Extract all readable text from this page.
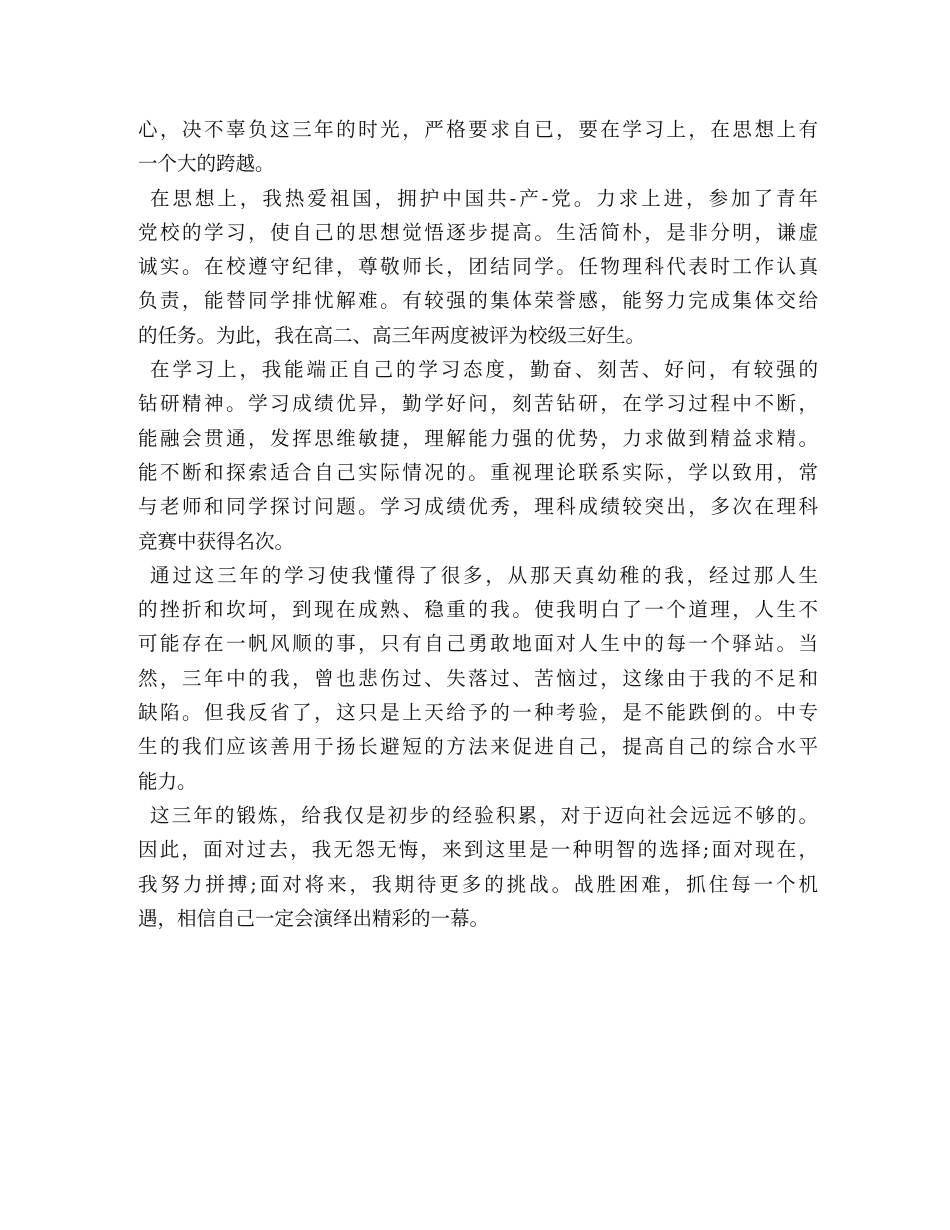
心，决不辜负这三年的时光，严格要求自已，要在学习上，在思想上有
一个大的跨越。
在思想上，我热爱祖国，拥护中国共-产-党。力求上进，参加了青年
党校的学习，使自己的思想觉悟逐步提高。生活简朴，是非分明，谦虚
诚实。在校遵守纪律，尊敬师长，团结同学。任物理科代表时工作认真
负责，能替同学排忧解难。有较强的集体荣誉感，能努力完成集体交给
的任务。为此，我在高二、高三年两度被评为校级三好生。
在学习上，我能端正自己的学习态度，勤奋、刻苦、好问，有较强的
钻研精神。学习成绩优异，勤学好问，刻苦钻研，在学习过程中不断，
能融会贯通，发挥思维敏捷，理解能力强的优势，力求做到精益求精。
能不断和探索适合自己实际情况的。重视理论联系实际，学以致用，常
与老师和同学探讨问题。学习成绩优秀，理科成绩较突出，多次在理科
竞赛中获得名次。
通过这三年的学习使我懂得了很多，从那天真幼稚的我，经过那人生
的挫折和坎坷，到现在成熟、稳重的我。使我明白了一个道理，人生不
可能存在一帆风顺的事，只有自己勇敢地面对人生中的每一个驿站。当
然，三年中的我，曾也悲伤过、失落过、苦恼过，这缘由于我的不足和
缺陷。但我反省了，这只是上天给予的一种考验，是不能跌倒的。中专
生的我们应该善用于扬长避短的方法来促进自己，提高自己的综合水平
能力。
这三年的锻炼，给我仅是初步的经验积累，对于迈向社会远远不够的。
因此，面对过去，我无怨无悔，来到这里是一种明智的选择;面对现在，
我努力拼搏;面对将来，我期待更多的挑战。战胜困难，抓住每一个机
遇，相信自己一定会演绎出精彩的一幕。
